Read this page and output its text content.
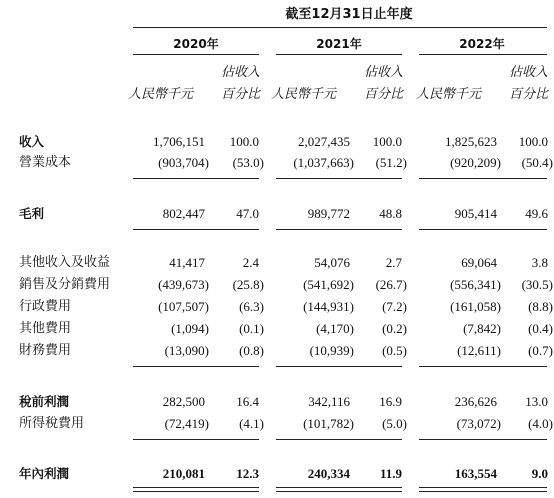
截至12月31日止年度
2020年	2021年	2022年
佔收入	佔收入	佔收入
人民幣千元 百分比 人民幣千元 百分比 人民幣千元 百分比
收入	1,706,151 100.0	2,027,435 100.0	1,825,623 100.0
營業成本	(903,704) (53.0) (1,037,663) (51.2)	(920,209) (50.4)
毛利	802,447 47.0	989,772 48.8	905,414 49.6
其他收入及收益	41,417	2.4	54,076	2.7	69,064	3.8
銷售及分銷費用	(439,673) (25.8)	(541,692) (26.7)	(556,341) (30.5)
行政費用	(107,507) (6.3)	(144,931) (7.2)	(161,058) (8.8)
其他費用	(1,094) (0.1)	(4,170) (0.2)	(7,842) (0.4)
財務費用	(13,090) (0.8)	(10,939) (0.5)	(12,611) (0.7)
稅前利潤	282,500 16.4	342,116 16.9	236,626 13.0
所得稅費用	(72,419) (4.1)	(101,782) (5.0)	(73,072) (4.0)
年內利潤	210,081 12.3	240,334 11.9	163,554	9.0
